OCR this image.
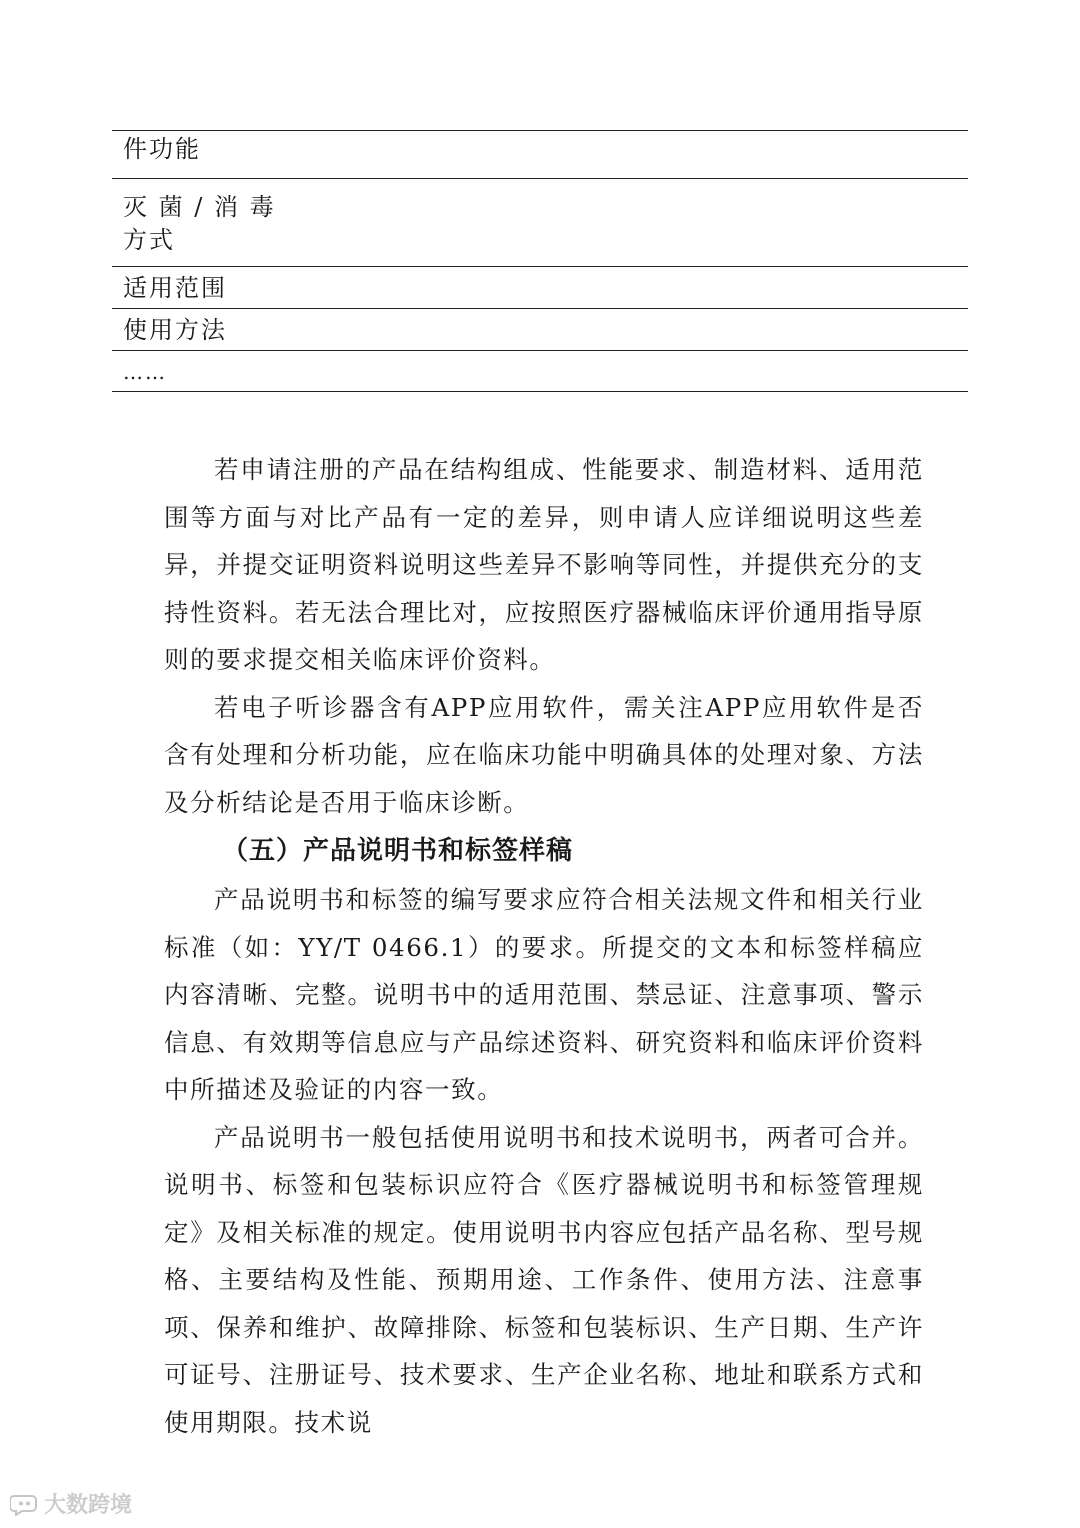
件功能
灭 菌 / 消 毒
方式
适用范围
使用方法
……

若申请注册的产品在结构组成、性能要求、制造材料、适用范围等方面与对比产品有一定的差异，则申请人应详细说明这些差异，并提交证明资料说明这些差异不影响等同性，并提供充分的支持性资料。若无法合理比对，应按照医疗器械临床评价通用指导原则的要求提交相关临床评价资料。

若电子听诊器含有APP应用软件，需关注APP应用软件是否含有处理和分析功能，应在临床功能中明确具体的处理对象、方法及分析结论是否用于临床诊断。

（五）产品说明书和标签样稿

产品说明书和标签的编写要求应符合相关法规文件和相关行业标准（如：YY/T 0466.1）的要求。所提交的文本和标签样稿应内容清晰、完整。说明书中的适用范围、禁忌证、注意事项、警示信息、有效期等信息应与产品综述资料、研究资料和临床评价资料中所描述及验证的内容一致。

产品说明书一般包括使用说明书和技术说明书，两者可合并。说明书、标签和包装标识应符合《医疗器械说明书和标签管理规定》及相关标准的规定。使用说明书内容应包括产品名称、型号规格、主要结构及性能、预期用途、工作条件、使用方法、注意事项、保养和维护、故障排除、标签和包装标识、生产日期、生产许可证号、注册证号、技术要求、生产企业名称、地址和联系方式和使用期限。技术说

大数跨境
